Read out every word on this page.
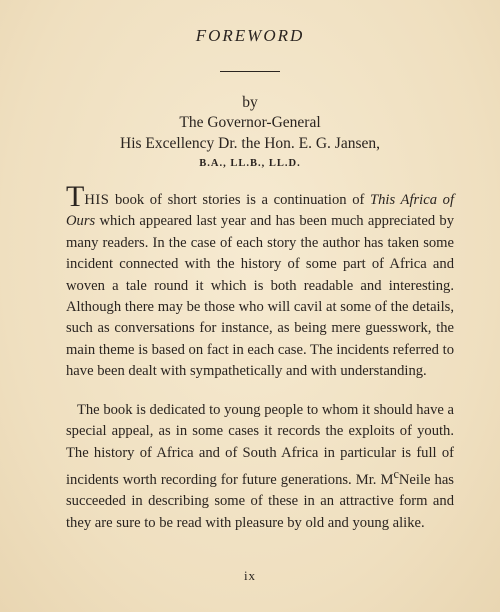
FOREWORD
by
The Governor-General
His Excellency Dr. the Hon. E. G. Jansen,
B.A., LL.B., LL.D.
THIS book of short stories is a continuation of This Africa of Ours which appeared last year and has been much appreciated by many readers. In the case of each story the author has taken some incident connected with the history of some part of Africa and woven a tale round it which is both readable and interesting. Although there may be those who will cavil at some of the details, such as conversations for instance, as being mere guesswork, the main theme is based on fact in each case. The incidents referred to have been dealt with sympathetically and with understanding.
The book is dedicated to young people to whom it should have a special appeal, as in some cases it records the exploits of youth. The history of Africa and of South Africa in particular is full of incidents worth recording for future generations. Mr. $M^cNeile$ has succeeded in describing some of these in an attractive form and they are sure to be read with pleasure by old and young alike.
ix
